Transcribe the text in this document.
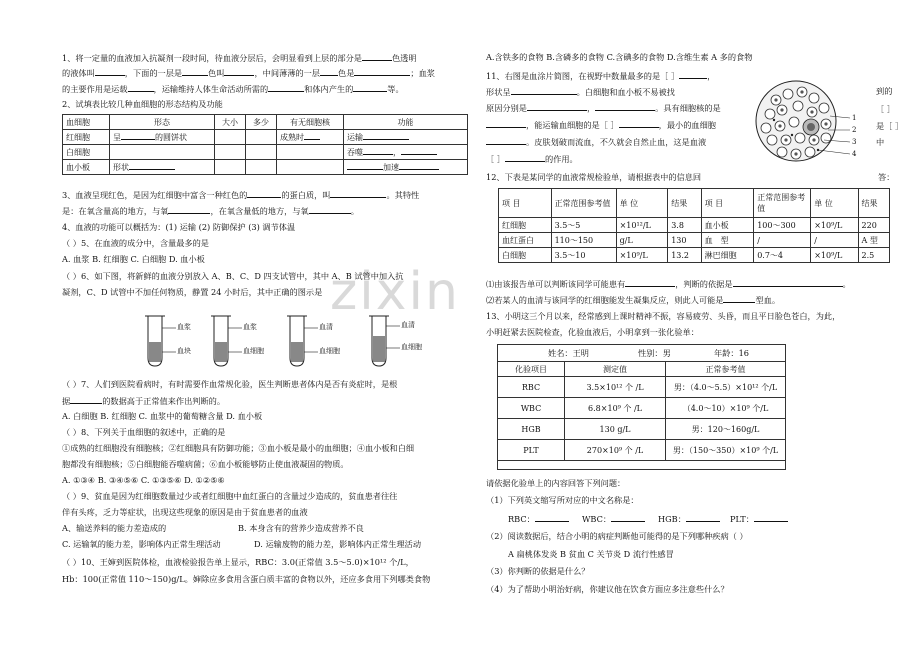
zixin
1、将一定量的血液加入抗凝剂一段时间，待血液分层后，会明显看到上层的部分是	色透明
的液体叫	，下面的一层是	色叫	，中间薄薄的一层 色是	；血浆
的主要作用是运载	，运输维持人体生命活动所需的	和体内产生的	等。
2、试填表比较几种血细胞的形态结构及功能
血细胞	形态	大小	多少	有无细胞核	功能
红细胞	呈 的圆饼状			成熟时	运输
白细胞					吞噬 ，
血小板	形状				加速
3、血液呈现红色，是因为红细胞中富含一种红色的	的蛋白质，叫	。其特性
是：在氧含量高的地方，与氧	，在氧含量低的地方，与氧	。
4、血液的功能可以概括为：(1) 运输 (2) 防御保护 (3) 调节体温
（ ）5、在血液的成分中，含量最多的是
A. 血浆 B. 红细胞 C. 白细胞 D. 血小板
（ ）6、如下图，将新鲜的血液分别放入 A、B、C、D 四支试管中，其中 A、B 试管中加入抗
凝剂，C、D 试管中不加任何物质，静置 24 小时后，其中正确的图示是
血浆
血块
血浆
血细胞
血清
血细胞
血清
血细胞
（ ）7、人们到医院看病时，有时需要作血常规化验，医生判断患者体内是否有炎症时，是根
据	的数据高于正常值来作出判断的。
A. 白细胞 B. 红细胞 C. 血浆中的葡萄糖含量 D. 血小板
（ ）8、下列关于血细胞的叙述中，正确的是
①成熟的红细胞没有细胞核；②红细胞具有防御功能；③血小板是最小的血细胞；④血小板和白细
胞都没有细胞核；⑤白细胞能吞噬病菌；⑥血小板能够防止使血液凝固的物质。
A. ①③④ B. ③④⑤⑥ C. ①③⑤⑥ D. ①②⑤⑥
（ ）9、贫血是因为红细胞数量过少或者红细胞中血红蛋白的含量过少造成的，贫血患者往往
伴有头疼，乏力等症状，出现这些现象的原因是由于贫血患者的血液
A、输送养料的能力差造成的	B. 本身含有的营养少造成营养不良
C. 运输氧的能力差，影响体内正常生理活动	D. 运输废物的能力差，影响体内正常生理活动
（ ）10、王婶到医院体检，血液检验报告单上显示，RBC：3.0(正常值 3.5～5.0)×10¹² 个/L，
Hb：100(正常值 110～150)g/L。婶除应多食用含蛋白质丰富的食物以外，还应多食用下列哪类食物
A.含铁多的食物 B.含磷多的食物 C.含碘多的食物 D.含维生素 A 多的食物
11、右图是血涂片简图，在视野中数量最多的是［ ］	，
形状呈	。白细胞和血小板不易被找	到的
原因分别是	，	。具有细胞核的是	［ ］
，能运输血细胞的是［ ］	，最小的血细胞	是［ ］
。皮肤划破而流血，不久就会自然止血，这是血液	中
［ ］	的作用。
1
2
3
4
12、下表是某同学的血液常规检验单，请根据表中的信息回	答：
项 目	正常范围参考值	单 位	结果	项 目	正常范围参考值	单 位	结果
红细胞	3.5～5	×10¹²/L	3.8	血小板	100～300	×10⁹/L	220
血红蛋白	110～150	g/L	130	血　型	/	/	A 型
白细胞	3.5～10	×10⁹/L	13.2	淋巴细胞	0.7～4	×10⁹/L	2.5
⑴由该报告单可以判断该同学可能患有	，判断的依据是	。
⑵若某人的血清与该同学的红细胞能发生凝集反应，则此人可能是	型血。
13、小明这三个月以来，经常感到上课时精神不振，容易疲劳、头昏，而且平日脸色苍白，为此，
小明赶紧去医院检查，化验血液后，小明拿到一张化验单：
姓名：王明	性别：男	年龄：16
化验项目	测定值	正常参考值
RBC	3.5×10¹² 个 /L	男：（4.0～5.5）×10¹² 个/L
WBC	6.8×10⁹ 个 /L	（4.0～10）×10⁹ 个/L
HGB	130 g/L	男：120～160g/L
PLT	270×10⁹ 个 /L	男：（150～350）×10⁹ 个/L
请依据化验单上的内容回答下列问题：
（1）下列英文缩写所对应的中文名称是：
RBC：	WBC：	HGB：	PLT：
（2）阅读数据后，结合小明的病症判断他可能得的是下列哪种疾病（ ）
A 扁桃体发炎 B 贫血 C 关节炎 D 流行性感冒
（3）你判断的依据是什么？
（4）为了帮助小明治好病，你建议他在饮食方面应多注意些什么？
